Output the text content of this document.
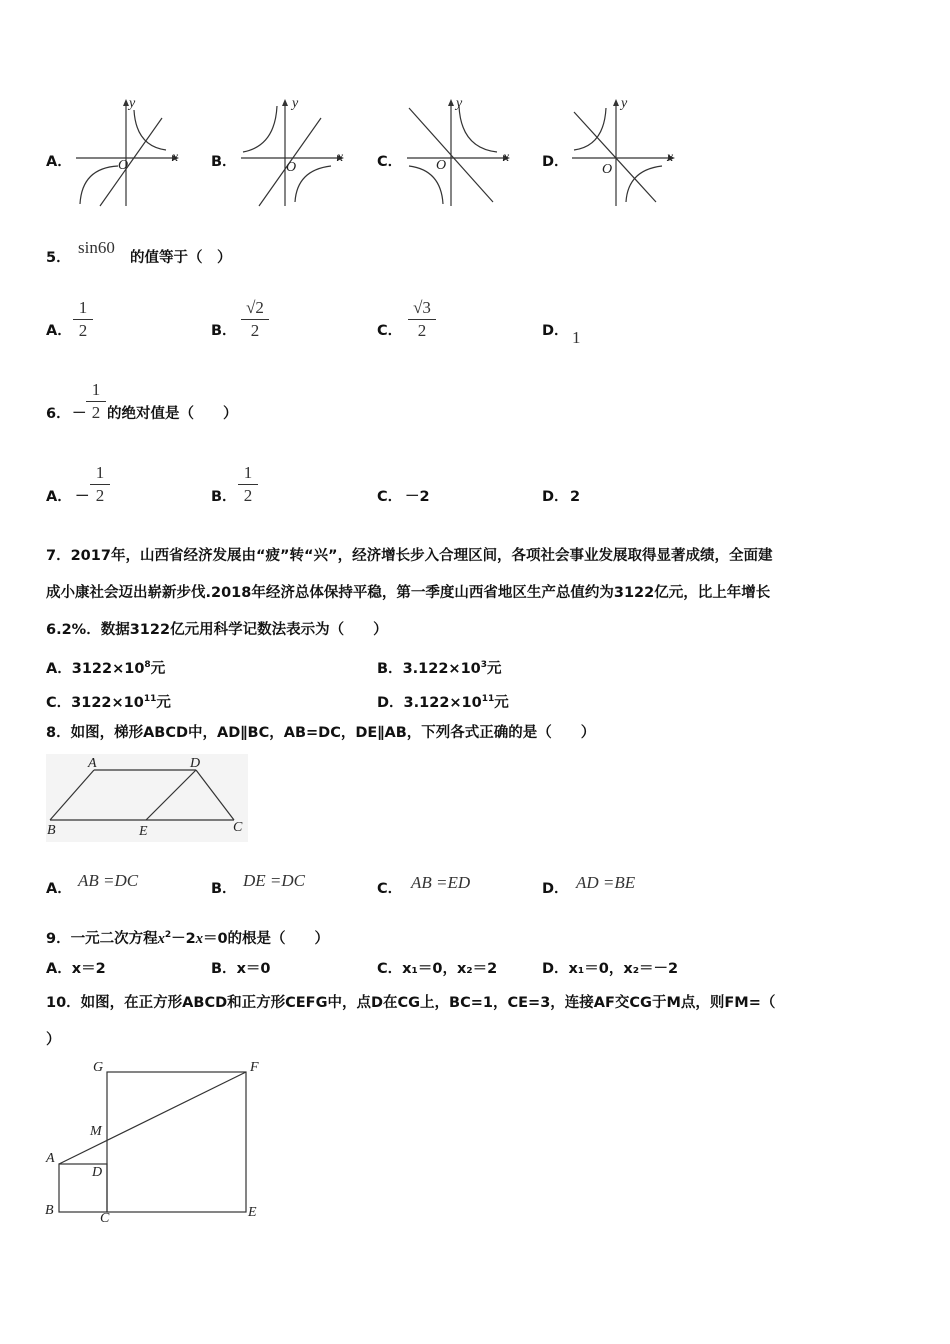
A．	x
y
O	B．	x
y
O	C．	x
y
O	D．	x
y
O
5．
sin60
的值等于（　）
A．
1
2	B．
√2
2	C．
√3
2	D． 1
6． －
1
2 的绝对值是（　　）
A． －
1
2	B．
1
2	C． －2	D． 2
7．2017年，山西省经济发展由“疲”转“兴”，经济增长步入合理区间，各项社会事业发展取得显著成绩，全面建
成小康社会迈出崭新步伐.2018年经济总体保持平稳，第一季度山西省地区生产总值约为3122亿元，比上年增长
6.2%．数据3122亿元用科学记数法表示为（　　）
A．$3122\times 10^8$元	B．$3.122\times 10^3$元
C．$3122\times 10^{11}$元	D．$3.122\times 10^{11}$元
8．如图，梯形ABCD中，AD∥BC，AB=DC，DE∥AB，下列各式正确的是（　　）
A	D
B	E	C
A． AB =DC	B． DE =DC	C． AB =ED	D． AD =BE
9．一元二次方程$x^2-2x=0$的根是（　　）
A．x＝2	B．x＝0	C．x₁＝0，x₂＝2	D．x₁＝0，x₂＝－2
10．如图，在正方形ABCD和正方形CEFG中，点D在CG上，BC=1，CE=3，连接AF交CG于M点，则FM=（
）
G	F
M
A
D
B
C	E
